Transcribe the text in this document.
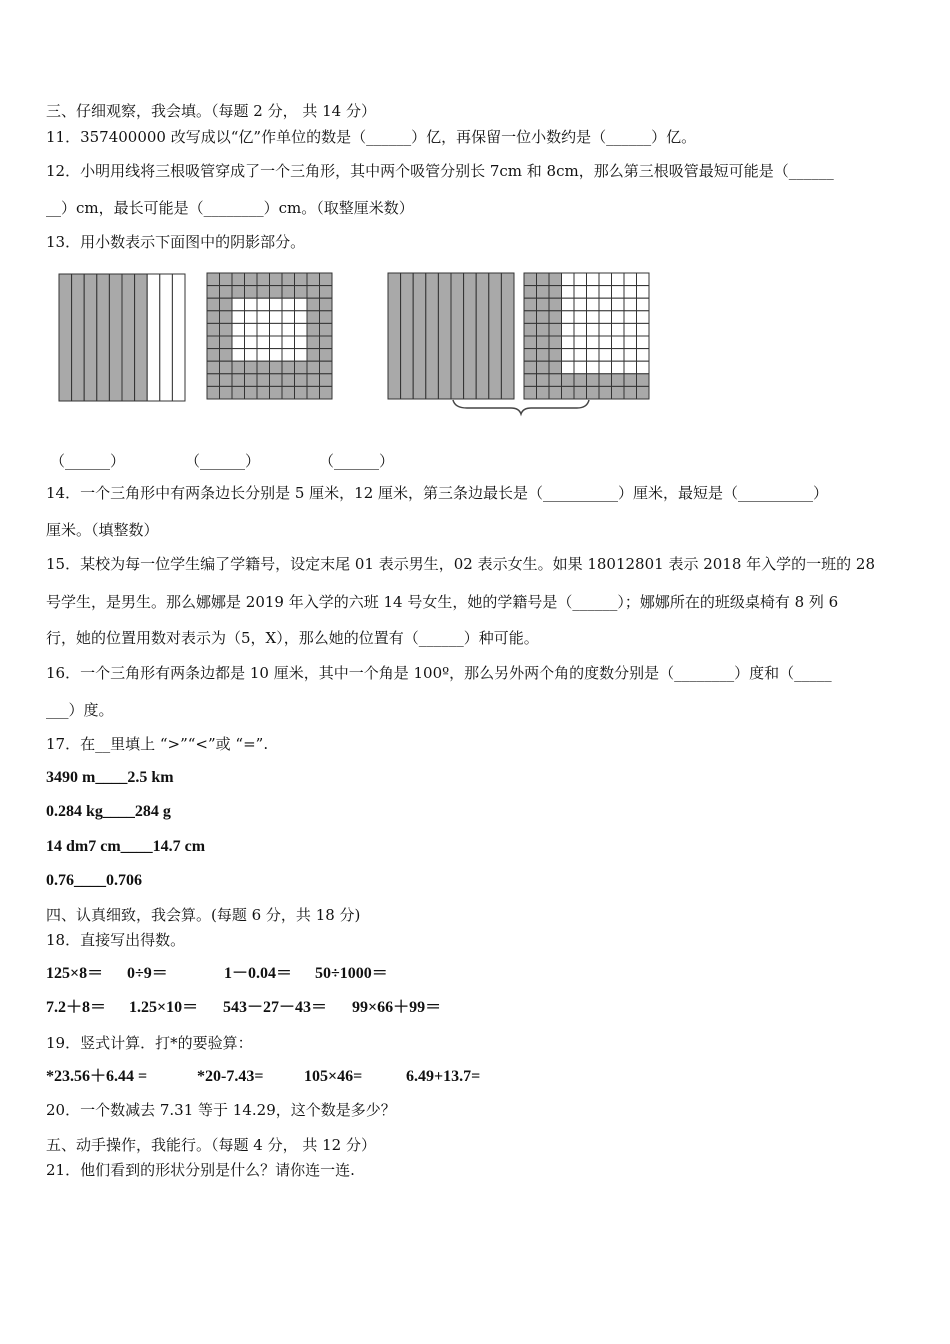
三、仔细观察，我会填。（每题 2 分， 共 14 分）
11．357400000 改写成以“亿”作单位的数是（______）亿，再保留一位小数约是（______）亿。
12．小明用线将三根吸管穿成了一个三角形，其中两个吸管分别长 7cm 和 8cm，那么第三根吸管最短可能是（______
__）cm，最长可能是（________）cm。（取整厘米数）
13．用小数表示下面图中的阴影部分。
（______）	（______）	（______）
14．一个三角形中有两条边长分别是 5 厘米，12 厘米，第三条边最长是（__________）厘米，最短是（__________）
厘米。（填整数）
15．某校为每一位学生编了学籍号，设定末尾 01 表示男生，02 表示女生。如果 18012801 表示 2018 年入学的一班的 28
号学生，是男生。那么娜娜是 2019 年入学的六班 14 号女生，她的学籍号是（______）；娜娜所在的班级桌椅有 8 列 6
行，她的位置用数对表示为（5，X），那么她的位置有（______）种可能。
16．一个三角形有两条边都是 10 厘米，其中一个角是 100º，那么另外两个角的度数分别是（________）度和（_____
___）度。
17．在__里填上 “>”“<”或 “=”.
3490 m____2.5 km
0.284 kg____284 g
14 dm7 cm____14.7 cm
0.76____0.706
四、认真细致，我会算。(每题 6 分，共 18 分)
18．直接写出得数。
125×8＝ 0÷9＝	1－0.04＝ 50÷1000＝
7.2＋8＝ 1.25×10＝ 543－27－43＝ 99×66＋99＝
19．竖式计算．打*的要验算：
*23.56＋6.44 =	*20-7.43=	105×46=	6.49+13.7=
20．一个数减去 7.31 等于 14.29，这个数是多少？
五、动手操作，我能行。（每题 4 分， 共 12 分）
21．他们看到的形状分别是什么？请你连一连.
